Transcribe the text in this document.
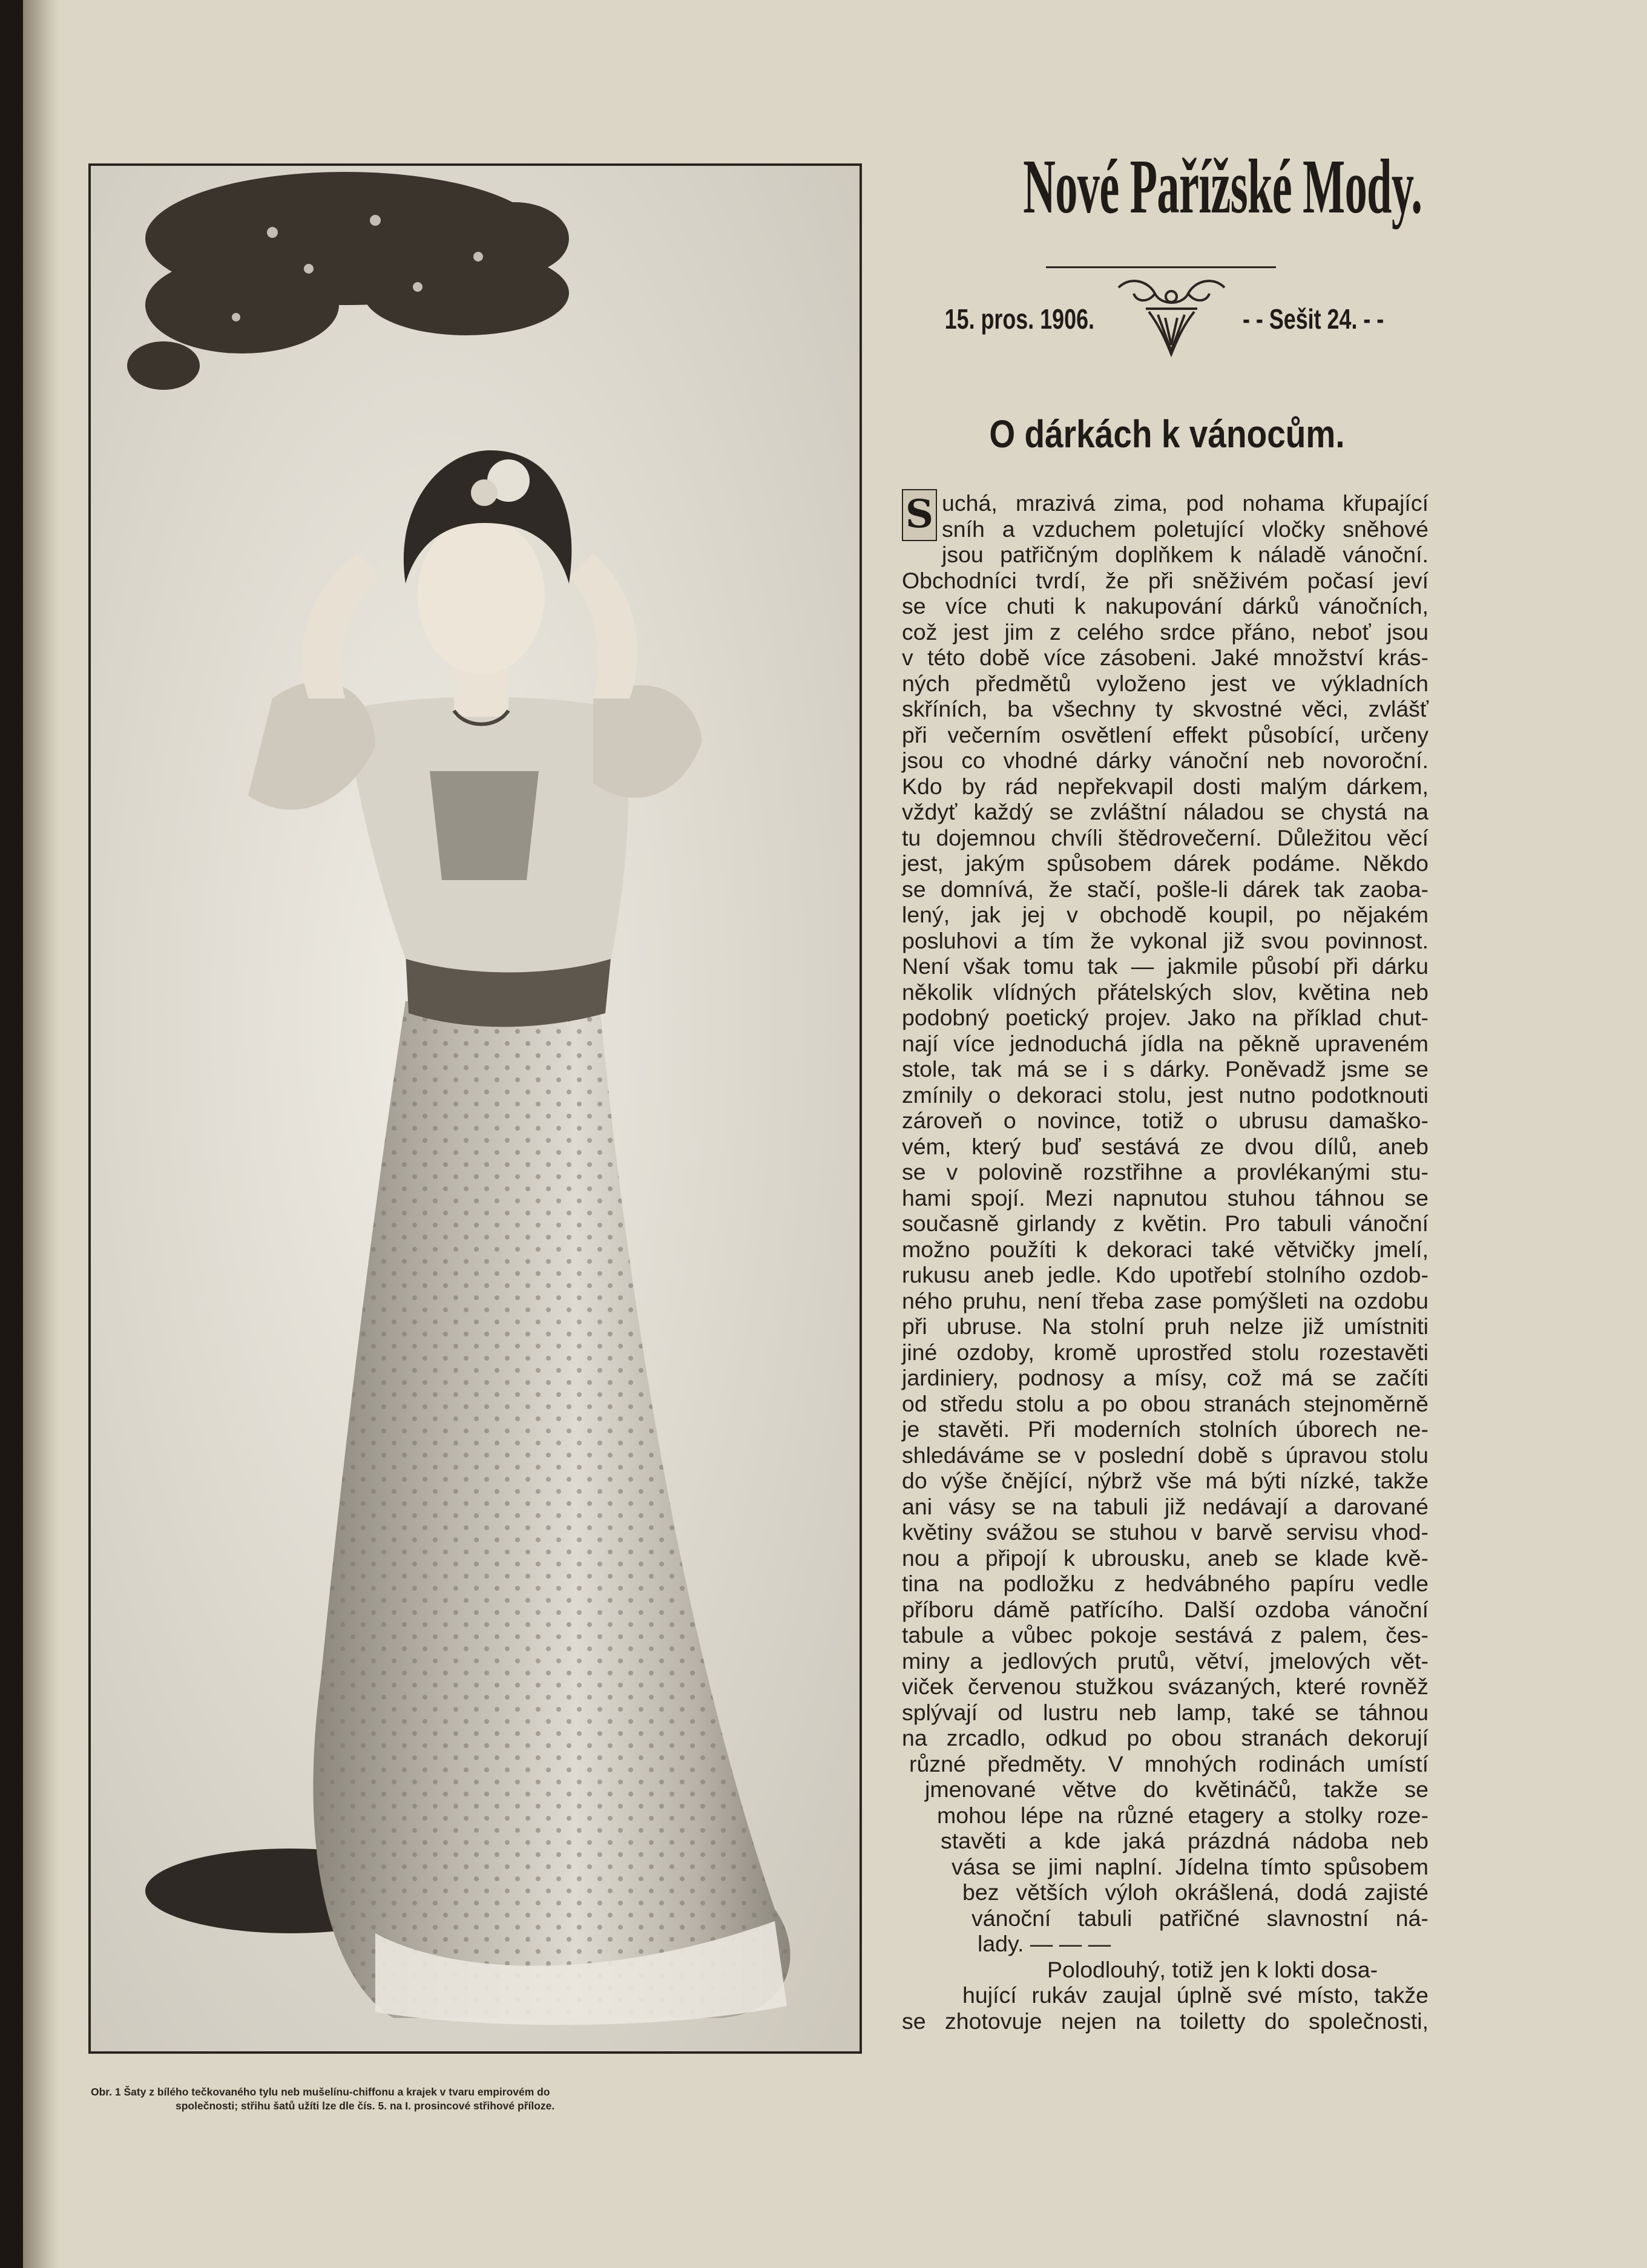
Obr. 1 Šaty z bílého tečkovaného tylu neb mušelínu-chiffonu a krajek v tvaru empirovém do
společnosti; střihu šatů užíti lze dle čís. 5. na I. prosincové střihové příloze.
Nové Pařížské Mody.
15. pros. 1906.	- - Sešit 24. - -
O dárkách k vánocům.
S uchá, mrazivá zima, pod nohama křupající
sníh a vzduchem poletující vločky sněhové
jsou patřičným doplňkem k náladě vánoční.
Obchodníci tvrdí, že při sněživém počasí jeví
se více chuti k nakupování dárků vánočních,
což jest jim z celého srdce přáno, neboť jsou
v této době více zásobeni. Jaké množství krás-
ných předmětů vyloženo jest ve výkladních
skříních, ba všechny ty skvostné věci, zvlášť
při večerním osvětlení effekt působící, určeny
jsou co vhodné dárky vánoční neb novoroční.
Kdo by rád nepřekvapil dosti malým dárkem,
vždyť každý se zvláštní náladou se chystá na
tu dojemnou chvíli štědrovečerní. Důležitou věcí
jest, jakým spůsobem dárek podáme. Někdo
se domnívá, že stačí, pošle-li dárek tak zaoba-
lený, jak jej v obchodě koupil, po nějakém
posluhovi a tím že vykonal již svou povinnost.
Není však tomu tak — jakmile působí při dárku
několik vlídných přátelských slov, květina neb
podobný poetický projev. Jako na příklad chut-
nají více jednoduchá jídla na pěkně upraveném
stole, tak má se i s dárky. Poněvadž jsme se
zmínily o dekoraci stolu, jest nutno podotknouti
zároveň o novince, totiž o ubrusu damaško-
vém, který buď sestává ze dvou dílů, aneb
se v polovině rozstřihne a provlékanými stu-
hami spojí. Mezi napnutou stuhou táhnou se
současně girlandy z květin. Pro tabuli vánoční
možno použíti k dekoraci také větvičky jmelí,
rukusu aneb jedle. Kdo upotřebí stolního ozdob-
ného pruhu, není třeba zase pomýšleti na ozdobu
při ubruse. Na stolní pruh nelze již umístniti
jiné ozdoby, kromě uprostřed stolu rozestavěti
jardiniery, podnosy a mísy, což má se začíti
od středu stolu a po obou stranách stejnoměrně
je stavěti. Při moderních stolních úborech ne-
shledáváme se v poslední době s úpravou stolu
do výše čnějící, nýbrž vše má býti nízké, takže
ani vásy se na tabuli již nedávají a darované
květiny svážou se stuhou v barvě servisu vhod-
nou a připojí k ubrousku, aneb se klade kvě-
tina na podložku z hedvábného papíru vedle
příboru dámě patřícího. Další ozdoba vánoční
tabule a vůbec pokoje sestává z palem, čes-
miny a jedlových prutů, větví, jmelových vět-
viček červenou stužkou svázaných, které rovněž
splývají od lustru neb lamp, také se táhnou
na zrcadlo, odkud po obou stranách dekorují
různé předměty. V mnohých rodinách umístí
jmenované větve do květináčů, takže se
mohou lépe na různé etagery a stolky roze-
stavěti a kde jaká prázdná nádoba neb
vása se jimi naplní. Jídelna tímto spůsobem
bez větších výloh okrášlená, dodá zajisté
vánoční tabuli patřičné slavnostní ná-
lady. — — —
Polodlouhý, totiž jen k lokti dosa-
hující rukáv zaujal úplně své místo, takže
se zhotovuje nejen na toiletty do společnosti,
